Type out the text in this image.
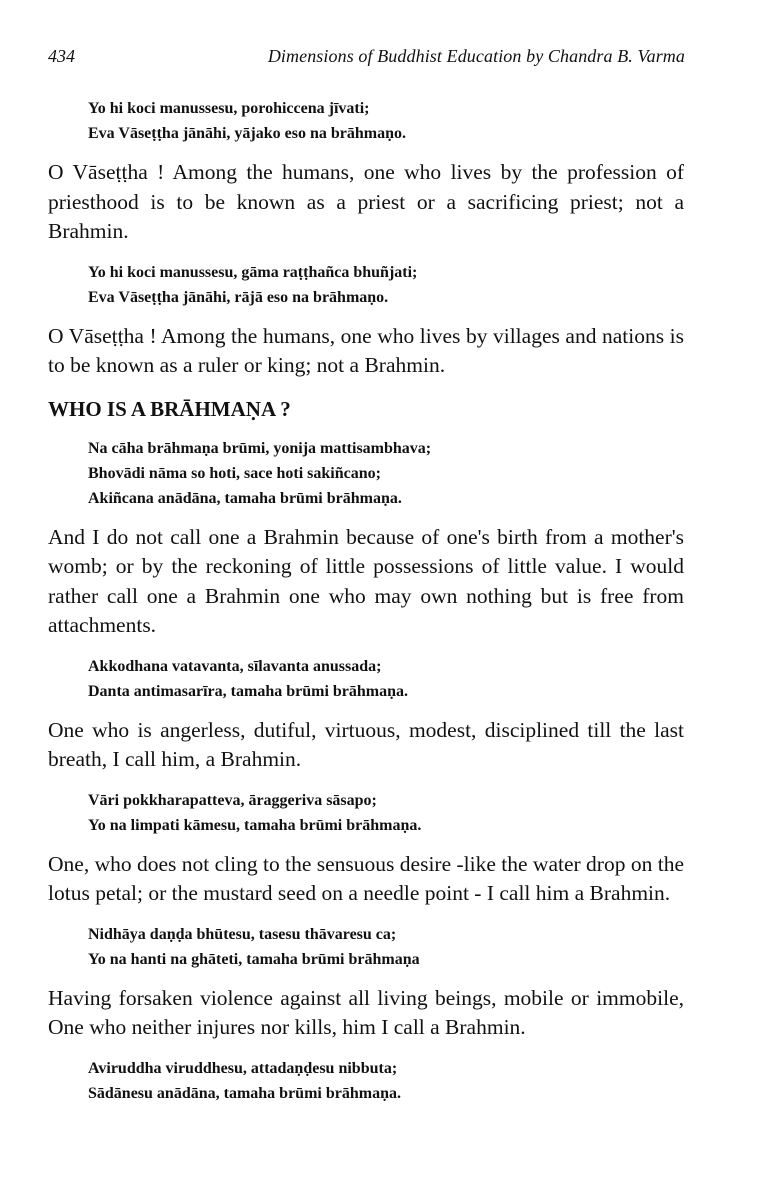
434	Dimensions of Buddhist Education by Chandra B. Varma
Yo hi koci manussesu, porohiccena jīvati;
Eva Vāseṭṭha jānāhi, yājako eso na brāhmaṇo.

O Vāseṭṭha ! Among the humans, one who lives by the profession of priesthood is to be known as a priest or a sacrificing priest; not a Brahmin.

Yo hi koci manussesu, gāma raṭṭhañca bhuñjati;
Eva Vāseṭṭha jānāhi, rājā eso na brāhmaṇo.

O Vāseṭṭha ! Among the humans, one who lives by villages and nations is to be known as a ruler or king; not a Brahmin.

WHO IS A BRĀHMAṆA ?
Na cāha brāhmaṇa brūmi, yonija mattisambhava;
Bhovādi nāma so hoti, sace hoti sakiñcano;
Akiñcana anādāna, tamaha brūmi brāhmaṇa.

And I do not call one a Brahmin because of one's birth from a mother's womb; or by the reckoning of little possessions of little value. I would rather call one a Brahmin one who may own nothing but is free from attachments.

Akkodhana vatavanta, sīlavanta anussada;
Danta antimasarīra, tamaha brūmi brāhmaṇa.

One who is angerless, dutiful, virtuous, modest, disciplined till the last breath, I call him, a Brahmin.

Vāri pokkharapatteva, āraggeriva sāsapo;
Yo na limpati kāmesu, tamaha brūmi brāhmaṇa.

One, who does not cling to the sensuous desire -like the water drop on the lotus petal; or the mustard seed on a needle point - I call him a Brahmin.

Nidhāya daṇḍa bhūtesu, tasesu thāvaresu ca;
Yo na hanti na ghāteti, tamaha brūmi brāhmaṇa

Having forsaken violence against all living beings, mobile or immobile, One who neither injures nor kills, him I call a Brahmin.

Aviruddha viruddhesu, attadaṇḍesu nibbuta;
Sādānesu anādāna, tamaha brūmi brāhmaṇa.
